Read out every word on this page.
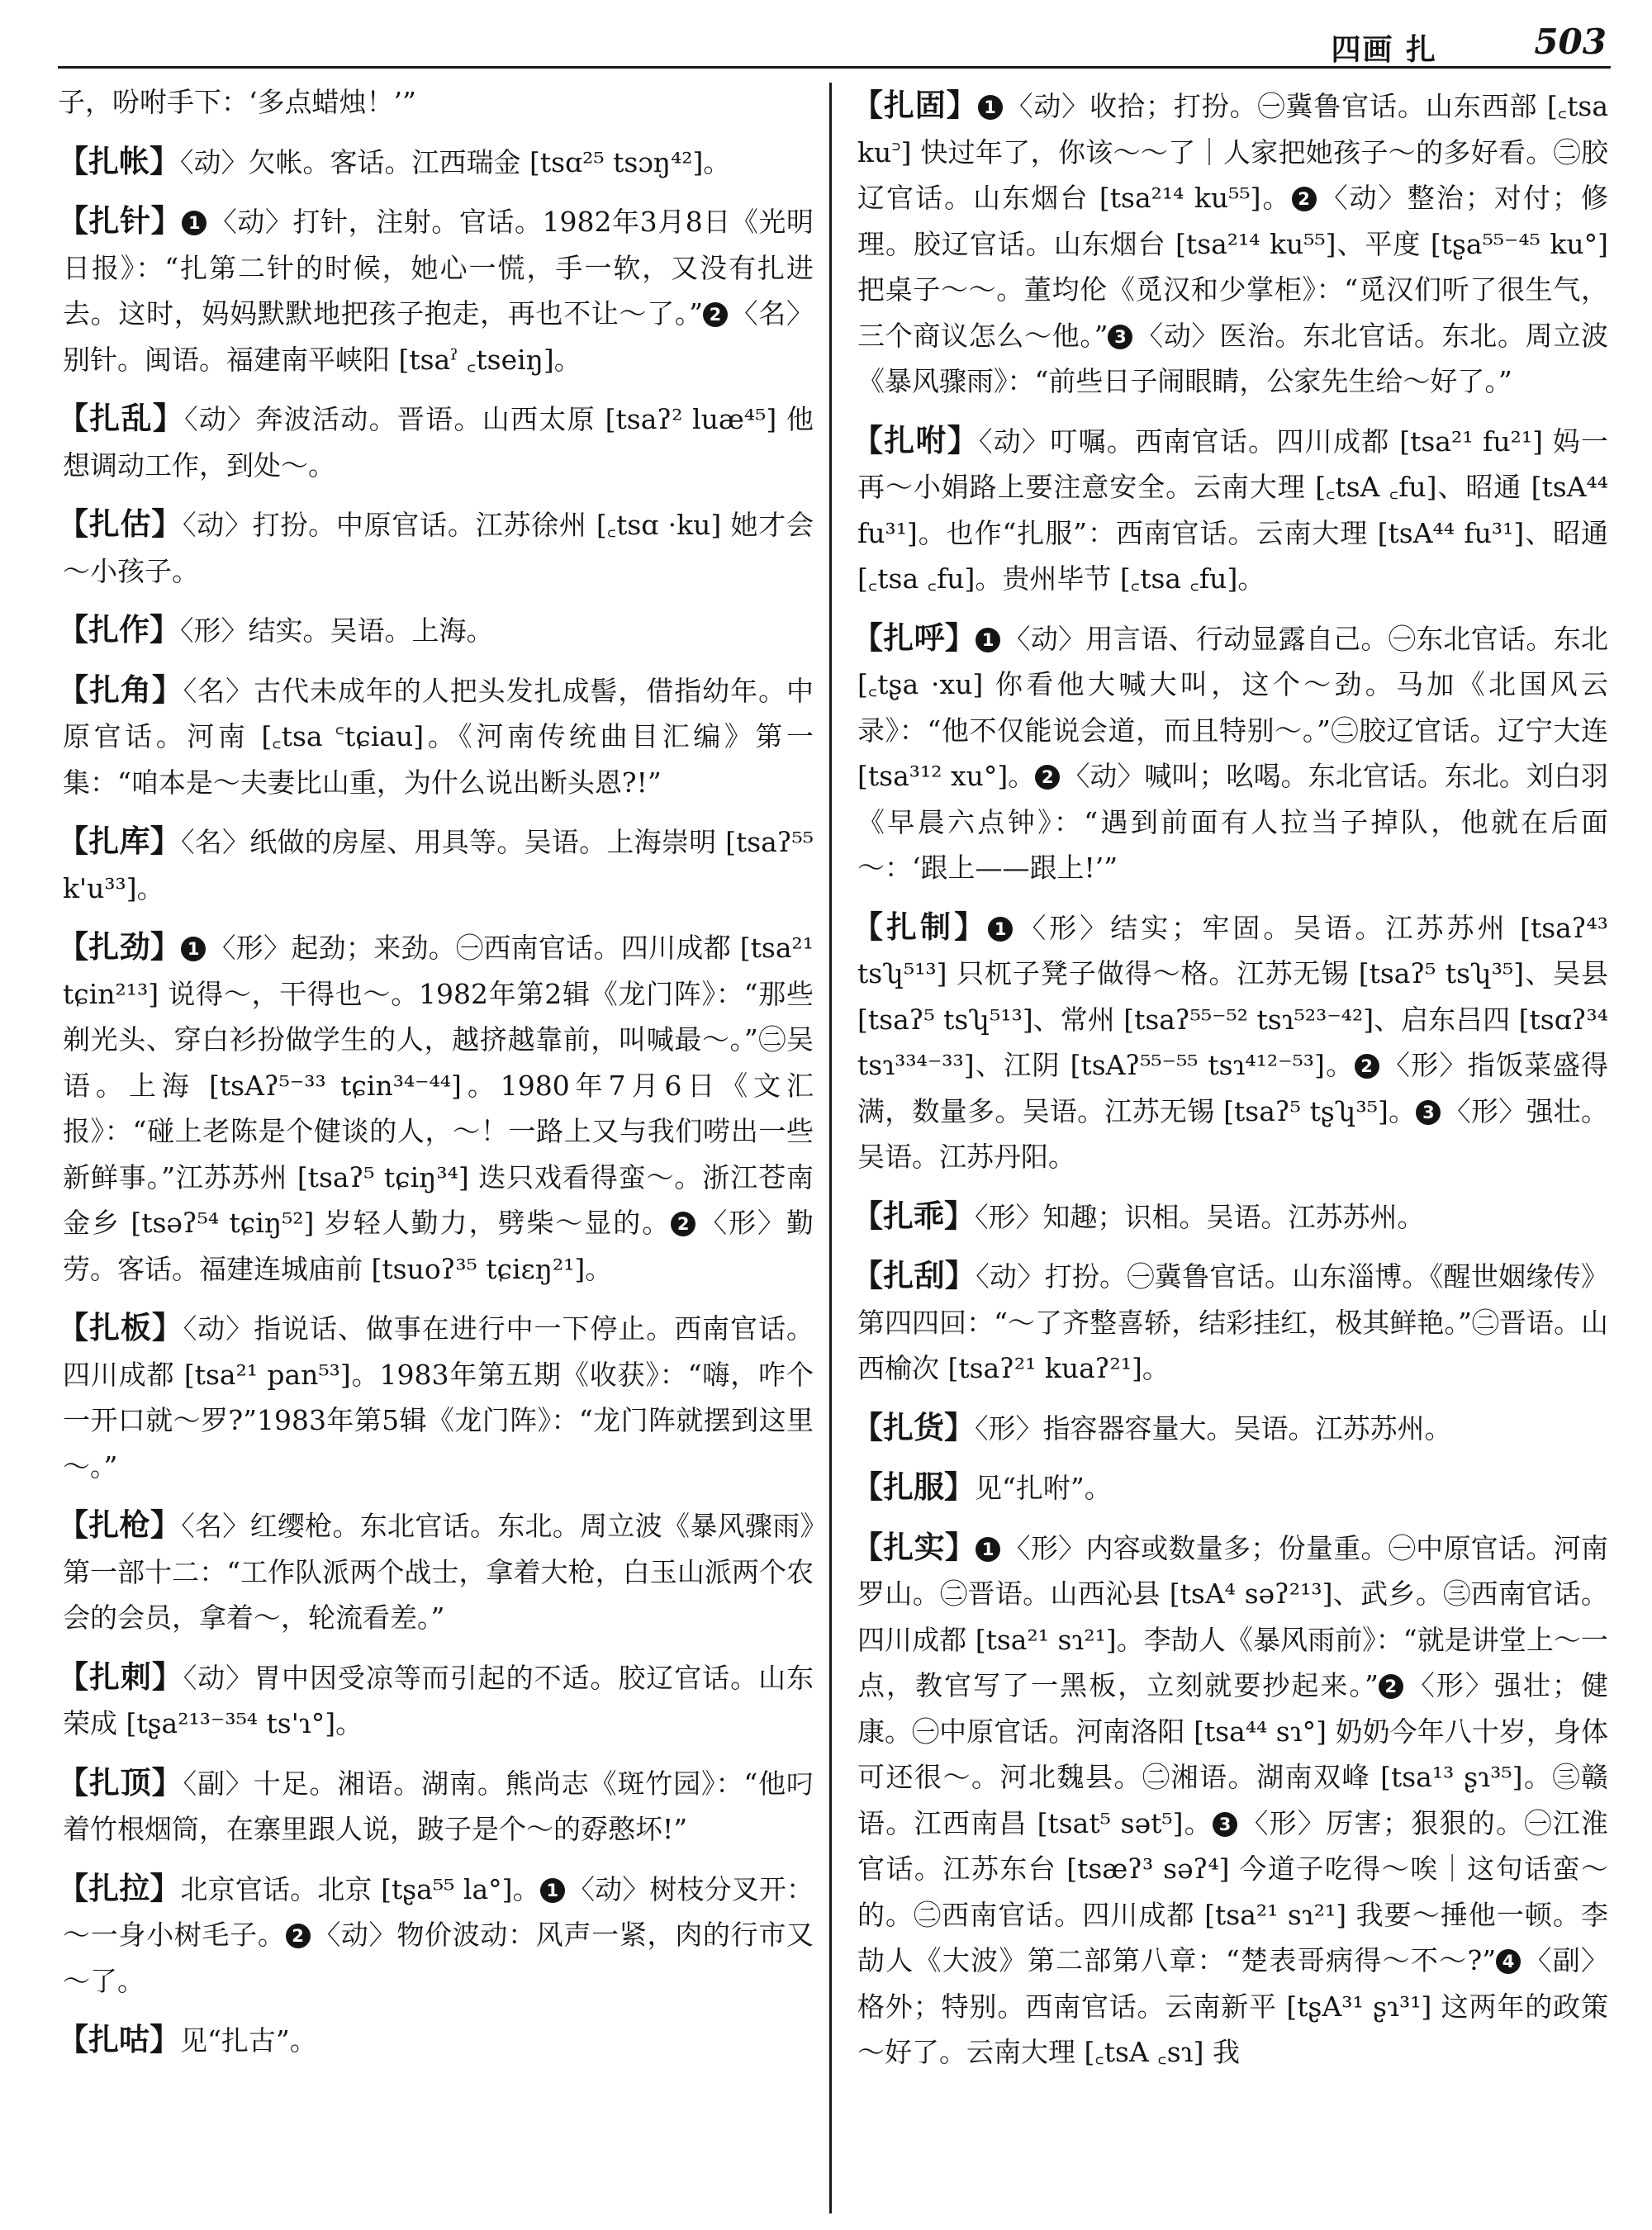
四画 扎	503
子，吩咐手下：‘多点蜡烛！’”
【扎帐】〈动〉欠帐。客话。江西瑞金 [tsɑ²⁵ tsɔŋ⁴²]。
【扎针】 1 〈动〉打针，注射。官话。1982年3月8日《光明日报》：“扎第二针的时候，她心一慌，手一软，又没有扎进去。这时，妈妈默默地把孩子抱走，再也不让～了。” 2 〈名〉别针。闽语。福建南平峡阳 [tsaˀ ꜀tseiŋ]。
【扎乱】〈动〉奔波活动。晋语。山西太原 [tsaʔ² luæ⁴⁵] 他想调动工作，到处～。
【扎估】〈动〉打扮。中原官话。江苏徐州 [꜀tsɑ ·ku] 她才会～小孩子。
【扎作】〈形〉结实。吴语。上海。
【扎角】〈名〉古代未成年的人把头发扎成髻，借指幼年。中原官话。河南 [꜀tsa ꜂tɕiau]。《河南传统曲目汇编》第一集：“咱本是～夫妻比山重，为什么说出断头恩?!”
【扎库】〈名〉纸做的房屋、用具等。吴语。上海崇明 [tsaʔ⁵⁵ k'u³³]。
【扎劲】 1 〈形〉起劲；来劲。㊀西南官话。四川成都 [tsa²¹ tɕin²¹³] 说得～，干得也～。1982年第2辑《龙门阵》：“那些剃光头、穿白衫扮做学生的人，越挤越靠前，叫喊最～。”㊁吴语。上海 [tsAʔ⁵⁻³³ tɕin³⁴⁻⁴⁴]。1980年7月6日《文汇报》：“碰上老陈是个健谈的人，～！一路上又与我们唠出一些新鲜事。”江苏苏州 [tsaʔ⁵ tɕiŋ³⁴] 迭只戏看得蛮～。浙江苍南金乡 [tsəʔ⁵⁴ tɕiŋ⁵²] 岁轻人勤力，劈柴～显的。 2 〈形〉勤劳。客话。福建连城庙前 [tsuoʔ³⁵ tɕiɛŋ²¹]。
【扎板】〈动〉指说话、做事在进行中一下停止。西南官话。四川成都 [tsa²¹ pan⁵³]。1983年第五期《收获》：“嗨，咋个一开口就～罗?”1983年第5辑《龙门阵》：“龙门阵就摆到这里～。”
【扎枪】〈名〉红缨枪。东北官话。东北。周立波《暴风骤雨》第一部十二：“工作队派两个战士，拿着大枪，白玉山派两个农会的会员，拿着～，轮流看差。”
【扎刺】〈动〉胃中因受凉等而引起的不适。胶辽官话。山东荣成 [tʂa²¹³⁻³⁵⁴ ts'ɿ°]。
【扎顶】〈副〉十足。湘语。湖南。熊尚志《斑竹园》：“他叼着竹根烟筒，在寨里跟人说，跛子是个～的孬憨坏!”
【扎拉】北京官话。北京 [tʂa⁵⁵ la°]。 1 〈动〉树枝分叉开：～一身小树毛子。 2 〈动〉物价波动：风声一紧，肉的行市又～了。
【扎咕】见“扎古”。
【扎固】 1 〈动〉收拾；打扮。㊀冀鲁官话。山东西部 [꜀tsa ku꜄] 快过年了，你该～～了｜人家把她孩子～的多好看。㊁胶辽官话。山东烟台 [tsa²¹⁴ ku⁵⁵]。 2 〈动〉整治；对付；修理。胶辽官话。山东烟台 [tsa²¹⁴ ku⁵⁵]、平度 [tʂa⁵⁵⁻⁴⁵ ku°] 把桌子～～。董均伦《觅汉和少掌柜》：“觅汉们听了很生气，三个商议怎么～他。” 3 〈动〉医治。东北官话。东北。周立波《暴风骤雨》：“前些日子闹眼睛，公家先生给～好了。”
【扎咐】〈动〉叮嘱。西南官话。四川成都 [tsa²¹ fu²¹] 妈一再～小娟路上要注意安全。云南大理 [꜀tsA ꜀fu]、昭通 [tsA⁴⁴ fu³¹]。也作“扎服”：西南官话。云南大理 [tsA⁴⁴ fu³¹]、昭通 [꜀tsa ꜀fu]。贵州毕节 [꜀tsa ꜀fu]。
【扎呼】 1 〈动〉用言语、行动显露自己。㊀东北官话。东北 [꜀tʂa ·xu] 你看他大喊大叫，这个～劲。马加《北国风云录》：“他不仅能说会道，而且特别～。”㊁胶辽官话。辽宁大连 [tsa³¹² xu°]。 2 〈动〉喊叫；吆喝。东北官话。东北。刘白羽《早晨六点钟》：“遇到前面有人拉当子掉队，他就在后面～：‘跟上——跟上!’”
【扎制】 1 〈形〉结实；牢固。吴语。江苏苏州 [tsaʔ⁴³ tsʮ⁵¹³] 只杌子凳子做得～格。江苏无锡 [tsaʔ⁵ tsʮ³⁵]、吴县 [tsaʔ⁵ tsʮ⁵¹³]、常州 [tsaʔ⁵⁵⁻⁵² tsɿ⁵²³⁻⁴²]、启东吕四 [tsɑʔ³⁴ tsɿ³³⁴⁻³³]、江阴 [tsAʔ⁵⁵⁻⁵⁵ tsɿ⁴¹²⁻⁵³]。 2 〈形〉指饭菜盛得满，数量多。吴语。江苏无锡 [tsaʔ⁵ tʂʮ³⁵]。 3 〈形〉强壮。吴语。江苏丹阳。
【扎乖】〈形〉知趣；识相。吴语。江苏苏州。
【扎刮】〈动〉打扮。㊀冀鲁官话。山东淄博。《醒世姻缘传》第四四回：“～了齐整喜轿，结彩挂红，极其鲜艳。”㊁晋语。山西榆次 [tsaʔ²¹ kuaʔ²¹]。
【扎货】〈形〉指容器容量大。吴语。江苏苏州。
【扎服】见“扎咐”。
【扎实】 1 〈形〉内容或数量多；份量重。㊀中原官话。河南罗山。㊁晋语。山西沁县 [tsA⁴ səʔ²¹³]、武乡。㊂西南官话。四川成都 [tsa²¹ sɿ²¹]。李劼人《暴风雨前》：“就是讲堂上～一点，教官写了一黑板，立刻就要抄起来。” 2 〈形〉强壮；健康。㊀中原官话。河南洛阳 [tsa⁴⁴ sɿ°] 奶奶今年八十岁，身体可还很～。河北魏县。㊁湘语。湖南双峰 [tsa¹³ ʂɿ³⁵]。㊂赣语。江西南昌 [tsat⁵ sət⁵]。 3 〈形〉厉害；狠狠的。㊀江淮官话。江苏东台 [tsæʔ³ səʔ⁴] 今道子吃得～唉｜这句话蛮～的。㊁西南官话。四川成都 [tsa²¹ sɿ²¹] 我要～捶他一顿。李劼人《大波》第二部第八章：“楚表哥病得～不～?” 4 〈副〉格外；特别。西南官话。云南新平 [tʂA³¹ ʂɿ³¹] 这两年的政策～好了。云南大理 [꜀tsA ꜀sɿ] 我
